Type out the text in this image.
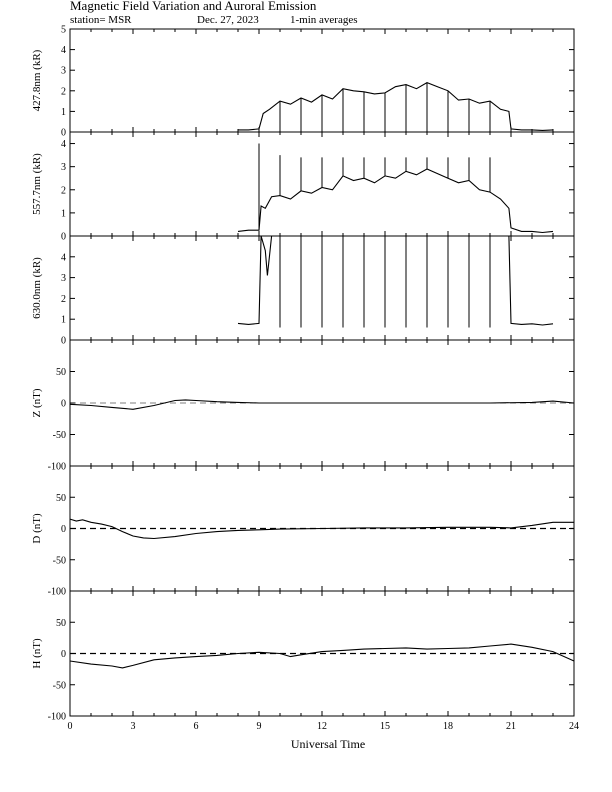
Magnetic Field Variation and Auroral Emission
station= MSR	Dec. 27, 2023	1-min averages
0
1
2
3
4
5
427.8nm (kR)
0
1
2
3
4
557.7nm (kR)
0
1
2
3
4
630.0nm (kR)
-100
-50
0
50
Z (nT)
-100
-50
0
50
D (nT)
-100
-50
0
50
H (nT)
0	3	6	9	12	15	18	21	24
Universal Time
